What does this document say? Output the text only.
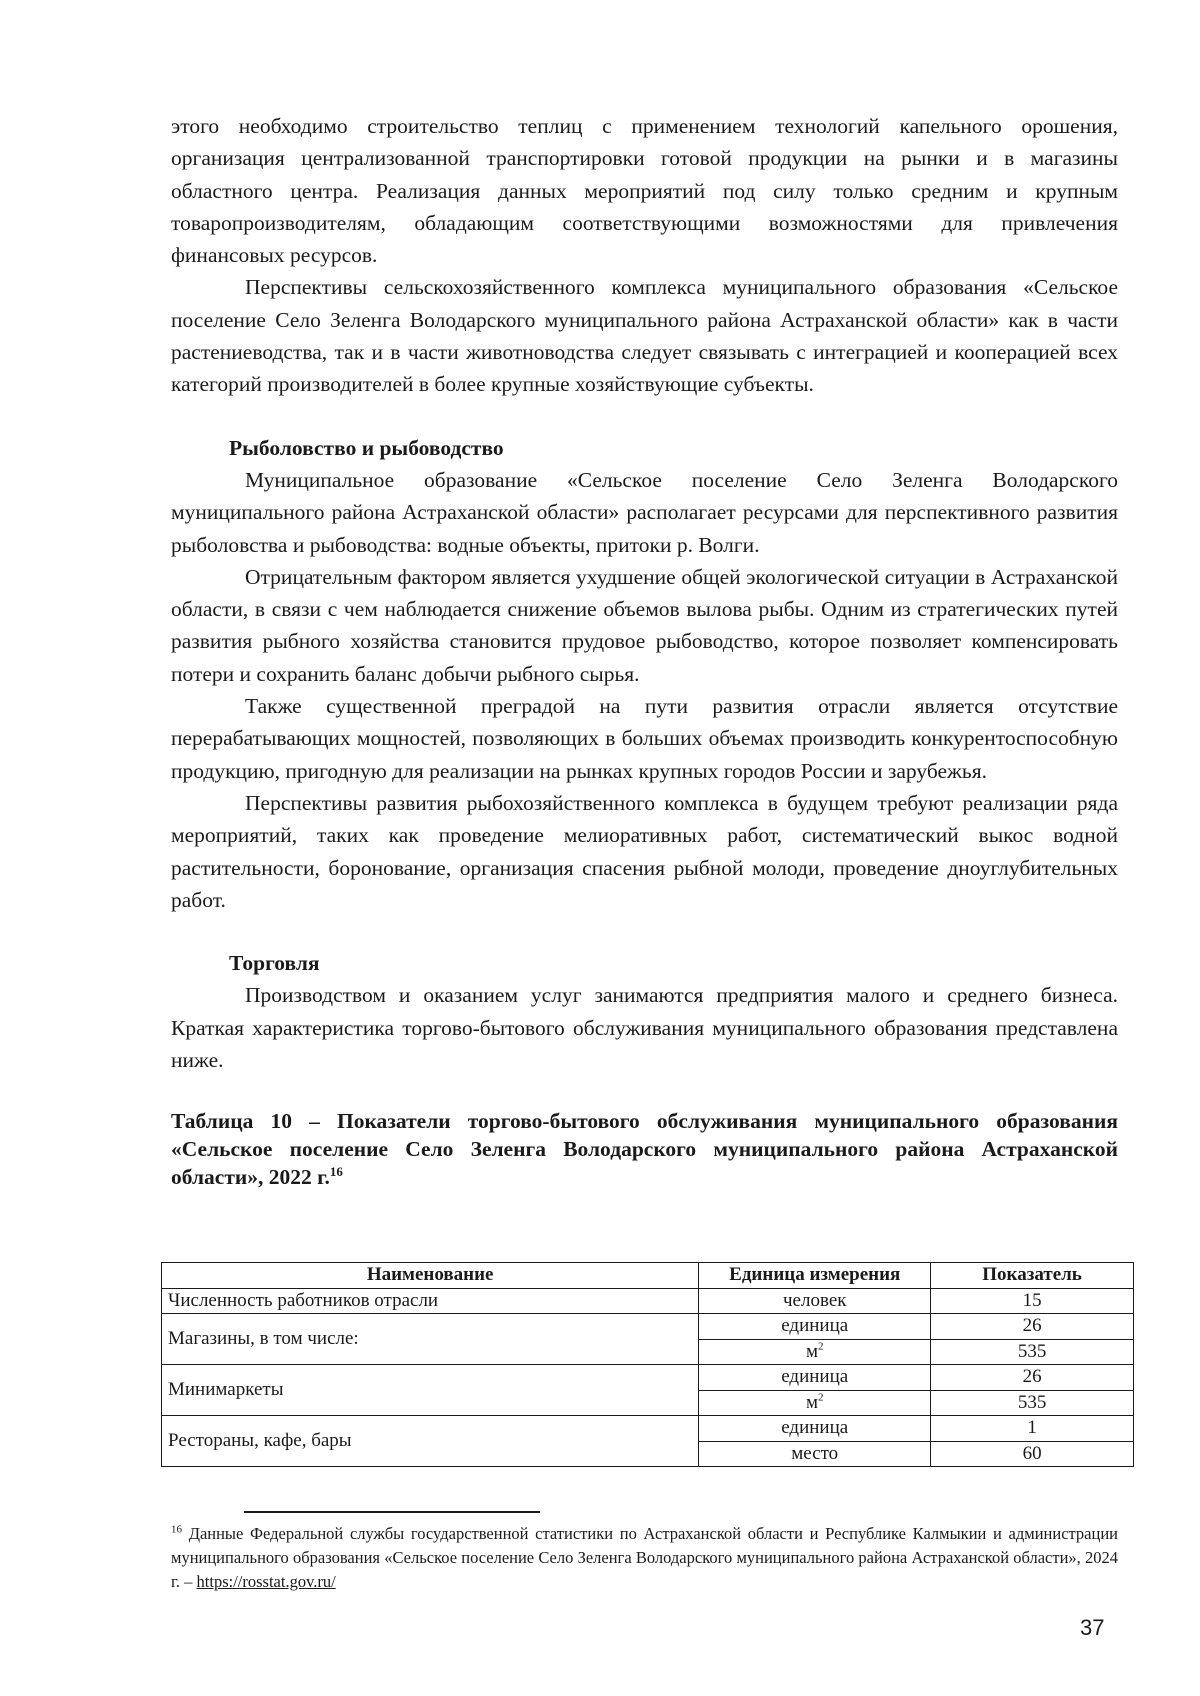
этого необходимо строительство теплиц с применением технологий капельного орошения, организация централизованной транспортировки готовой продукции на рынки и в магазины областного центра. Реализация данных мероприятий под силу только средним и крупным товаропроизводителям, обладающим соответствующими возможностями для привлечения финансовых ресурсов.

Перспективы сельскохозяйственного комплекса муниципального образования «Сельское поселение Село Зеленга Володарского муниципального района Астраханской области» как в части растениеводства, так и в части животноводства следует связывать с интеграцией и кооперацией всех категорий производителей в более крупные хозяйствующие субъекты.

Рыболовство и рыбоводство

Муниципальное образование «Сельское поселение Село Зеленга Володарского муниципального района Астраханской области» располагает ресурсами для перспективного развития рыболовства и рыбоводства: водные объекты, притоки р. Волги.

Отрицательным фактором является ухудшение общей экологической ситуации в Астраханской области, в связи с чем наблюдается снижение объемов вылова рыбы. Одним из стратегических путей развития рыбного хозяйства становится прудовое рыбоводство, которое позволяет компенсировать потери и сохранить баланс добычи рыбного сырья.

Также существенной преградой на пути развития отрасли является отсутствие перерабатывающих мощностей, позволяющих в больших объемах производить конкурентоспособную продукцию, пригодную для реализации на рынках крупных городов России и зарубежья.

Перспективы развития рыбохозяйственного комплекса в будущем требуют реализации ряда мероприятий, таких как проведение мелиоративных работ, систематический выкос водной растительности, боронование, организация спасения рыбной молоди, проведение дноуглубительных работ.

Торговля

Производством и оказанием услуг занимаются предприятия малого и среднего бизнеса. Краткая характеристика торгово-бытового обслуживания муниципального образования представлена ниже.

Таблица 10 – Показатели торгово-бытового обслуживания муниципального образования «Сельское поселение Село Зеленга Володарского муниципального района Астраханской области», 2022 г.$^{16}$

Наименование	Единица измерения	Показатель
Численность работников отрасли	человек	15
Магазины, в том числе:	единица	26
	$м^2$	535
Минимаркеты	единица	26
	$м^2$	535
Рестораны, кафе, бары	единица	1
	место	60

$^{16}$ Данные Федеральной службы государственной статистики по Астраханской области и Республике Калмыкии и администрации муниципального образования «Сельское поселение Село Зеленга Володарского муниципального района Астраханской области», 2024 г. – https://rosstat.gov.ru/

37
